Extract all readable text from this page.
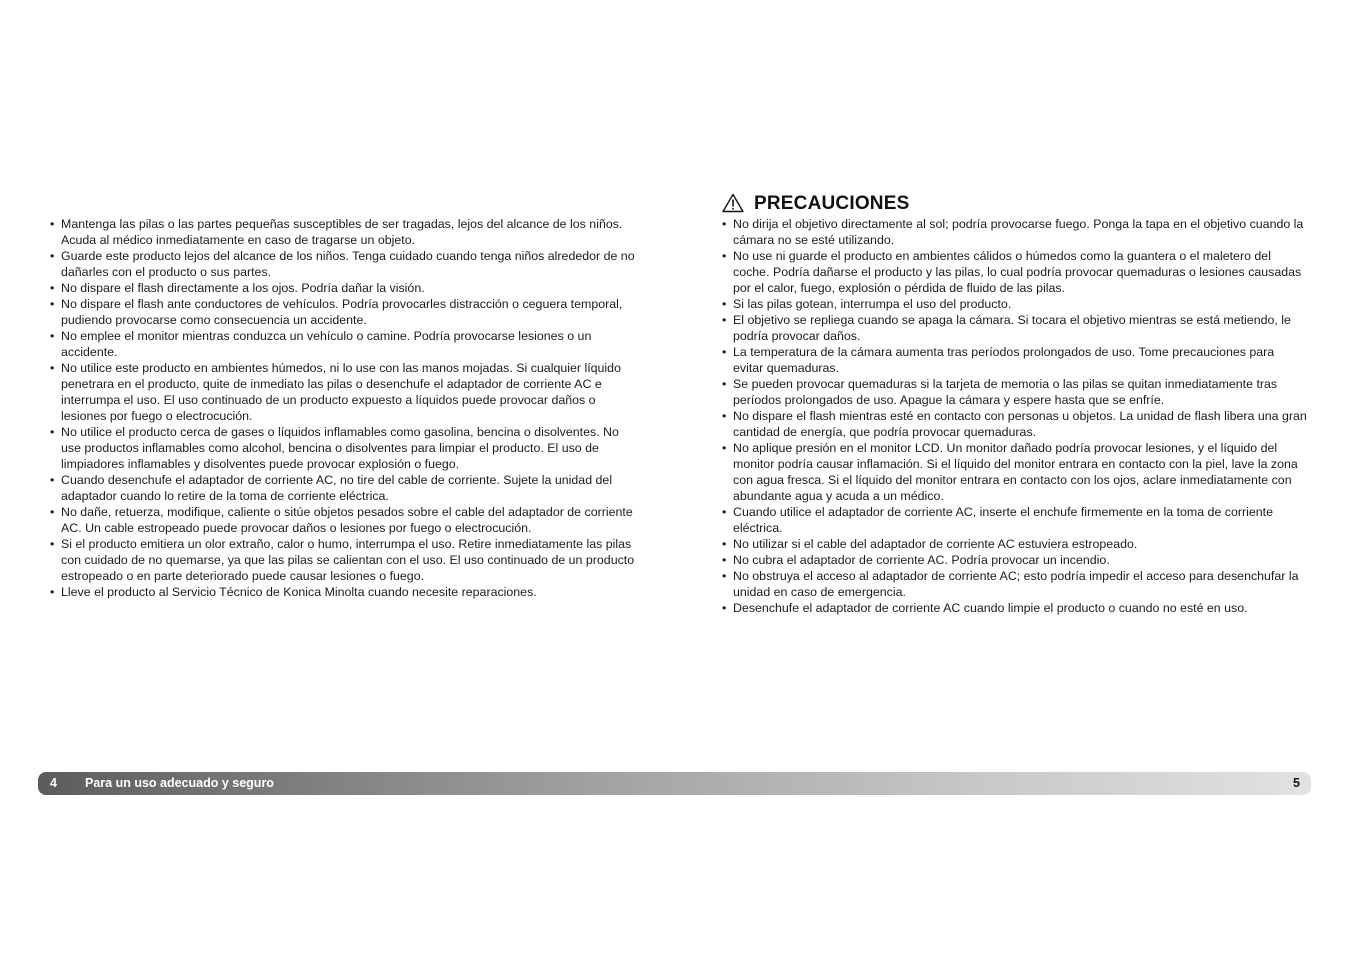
• Mantenga las pilas o las partes pequeñas susceptibles de ser tragadas, lejos del alcance de los niños. Acuda al médico inmediatamente en caso de tragarse un objeto.
• Guarde este producto lejos del alcance de los niños. Tenga cuidado cuando tenga niños alrededor de no dañarles con el producto o sus partes.
• No dispare el flash directamente a los ojos. Podría dañar la visión.
• No dispare el flash ante conductores de vehículos. Podría provocarles distracción o ceguera temporal, pudiendo provocarse como consecuencia un accidente.
• No emplee el monitor mientras conduzca un vehículo o camine. Podría provocarse lesiones o un accidente.
• No utilice este producto en ambientes húmedos, ni lo use con las manos mojadas. Si cualquier líquido penetrara en el producto, quite de inmediato las pilas o desenchufe el adaptador de corriente AC e interrumpa el uso. El uso continuado de un producto expuesto a líquidos puede provocar daños o lesiones por fuego o electrocución.
• No utilice el producto cerca de gases o líquidos inflamables como gasolina, bencina o disolventes. No use productos inflamables como alcohol, bencina o disolventes para limpiar el producto. El uso de limpiadores inflamables y disolventes puede provocar explosión o fuego.
• Cuando desenchufe el adaptador de corriente AC, no tire del cable de corriente. Sujete la unidad del adaptador cuando lo retire de la toma de corriente eléctrica.
• No dañe, retuerza, modifique, caliente o sitúe objetos pesados sobre el cable del adaptador de corriente AC. Un cable estropeado puede provocar daños o lesiones por fuego o electrocución.
• Si el producto emitiera un olor extraño, calor o humo, interrumpa el uso. Retire inmediatamente las pilas con cuidado de no quemarse, ya que las pilas se calientan con el uso. El uso continuado de un producto estropeado o en parte deteriorado puede causar lesiones o fuego.
• Lleve el producto al Servicio Técnico de Konica Minolta cuando necesite reparaciones.
PRECAUCIONES
• No dirija el objetivo directamente al sol; podría provocarse fuego. Ponga la tapa en el objetivo cuando la cámara no se esté utilizando.
• No use ni guarde el producto en ambientes cálidos o húmedos como la guantera o el maletero del coche. Podría dañarse el producto y las pilas, lo cual podría provocar quemaduras o lesiones causadas por el calor, fuego, explosión o pérdida de fluido de las pilas.
• Si las pilas gotean, interrumpa el uso del producto.
• El objetivo se repliega cuando se apaga la cámara. Si tocara el objetivo mientras se está metiendo, le podría provocar daños.
• La temperatura de la cámara aumenta tras períodos prolongados de uso. Tome precauciones para evitar quemaduras.
• Se pueden provocar quemaduras si la tarjeta de memoria o las pilas se quitan inmediatamente tras períodos prolongados de uso. Apague la cámara y espere hasta que se enfríe.
• No dispare el flash mientras esté en contacto con personas u objetos. La unidad de flash libera una gran cantidad de energía, que podría provocar quemaduras.
• No aplique presión en el monitor LCD. Un monitor dañado podría provocar lesiones, y el líquido del monitor podría causar inflamación. Si el líquido del monitor entrara en contacto con la piel, lave la zona con agua fresca. Si el líquido del monitor entrara en contacto con los ojos, aclare inmediatamente con abundante agua y acuda a un médico.
• Cuando utilice el adaptador de corriente AC, inserte el enchufe firmemente en la toma de corriente eléctrica.
• No utilizar si el cable del adaptador de corriente AC estuviera estropeado.
• No cubra el adaptador de corriente AC. Podría provocar un incendio.
• No obstruya el acceso al adaptador de corriente AC; esto podría impedir el acceso para desenchufar la unidad en caso de emergencia.
• Desenchufe el adaptador de corriente AC cuando limpie el producto o cuando no esté en uso.
4 Para un uso adecuado y seguro	5
